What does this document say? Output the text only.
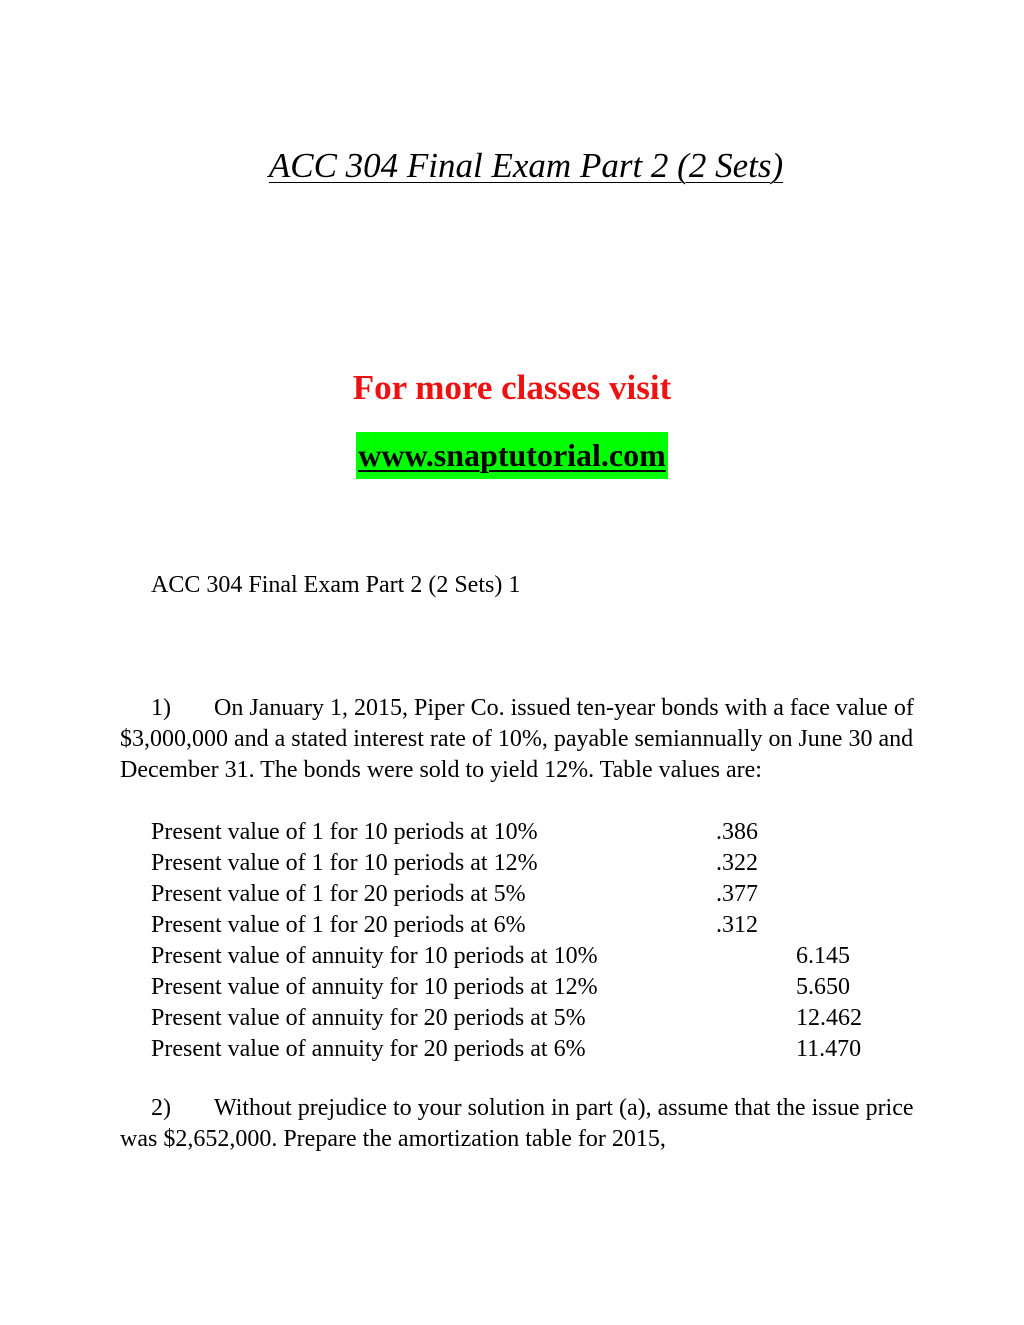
ACC 304 Final Exam Part 2 (2 Sets)
For more classes visit
www.snaptutorial.com
ACC 304 Final Exam Part 2 (2 Sets) 1

1) On January 1, 2015, Piper Co. issued ten-year bonds with a face value of $3,000,000 and a stated interest rate of 10%, payable semiannually on June 30 and December 31. The bonds were sold to yield 12%. Table values are:

Present value of 1 for 10 periods at 10%	.386
Present value of 1 for 10 periods at 12%	.322
Present value of 1 for 20 periods at 5%	.377
Present value of 1 for 20 periods at 6%	.312
Present value of annuity for 10 periods at 10%	6.145
Present value of annuity for 10 periods at 12%	5.650
Present value of annuity for 20 periods at 5%	12.462
Present value of annuity for 20 periods at 6%	11.470

2) Without prejudice to your solution in part (a), assume that the issue price was $2,652,000. Prepare the amortization table for 2015,
